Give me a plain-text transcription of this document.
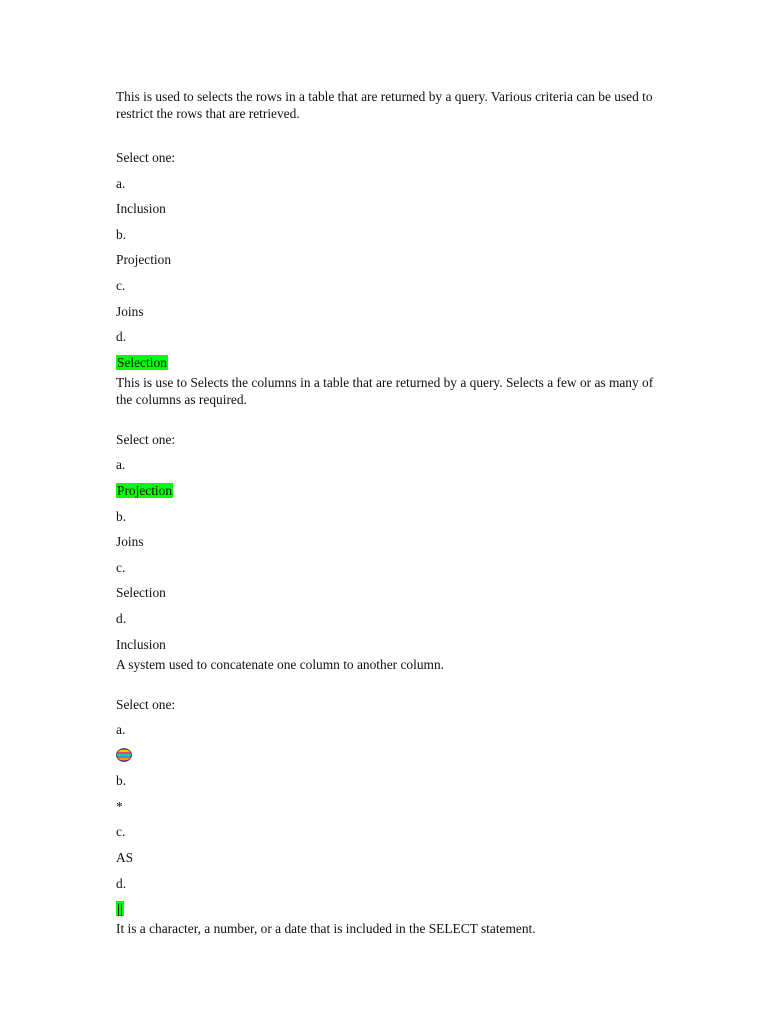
This is used to selects the rows in a table that are returned by a query. Various criteria can be used to restrict the rows that are retrieved.

Select one:
a.
Inclusion
b.
Projection
c.
Joins
d.
Selection

This is use to Selects the columns in a table that are returned by a query. Selects a few or as many of the columns as required.

Select one:
a.
Projection
b.
Joins
c.
Selection
d.
Inclusion

A system used to concatenate one column to another column.

Select one:
a.
b.
*
c.
AS
d.
||

It is a character, a number, or a date that is included in the SELECT statement.
